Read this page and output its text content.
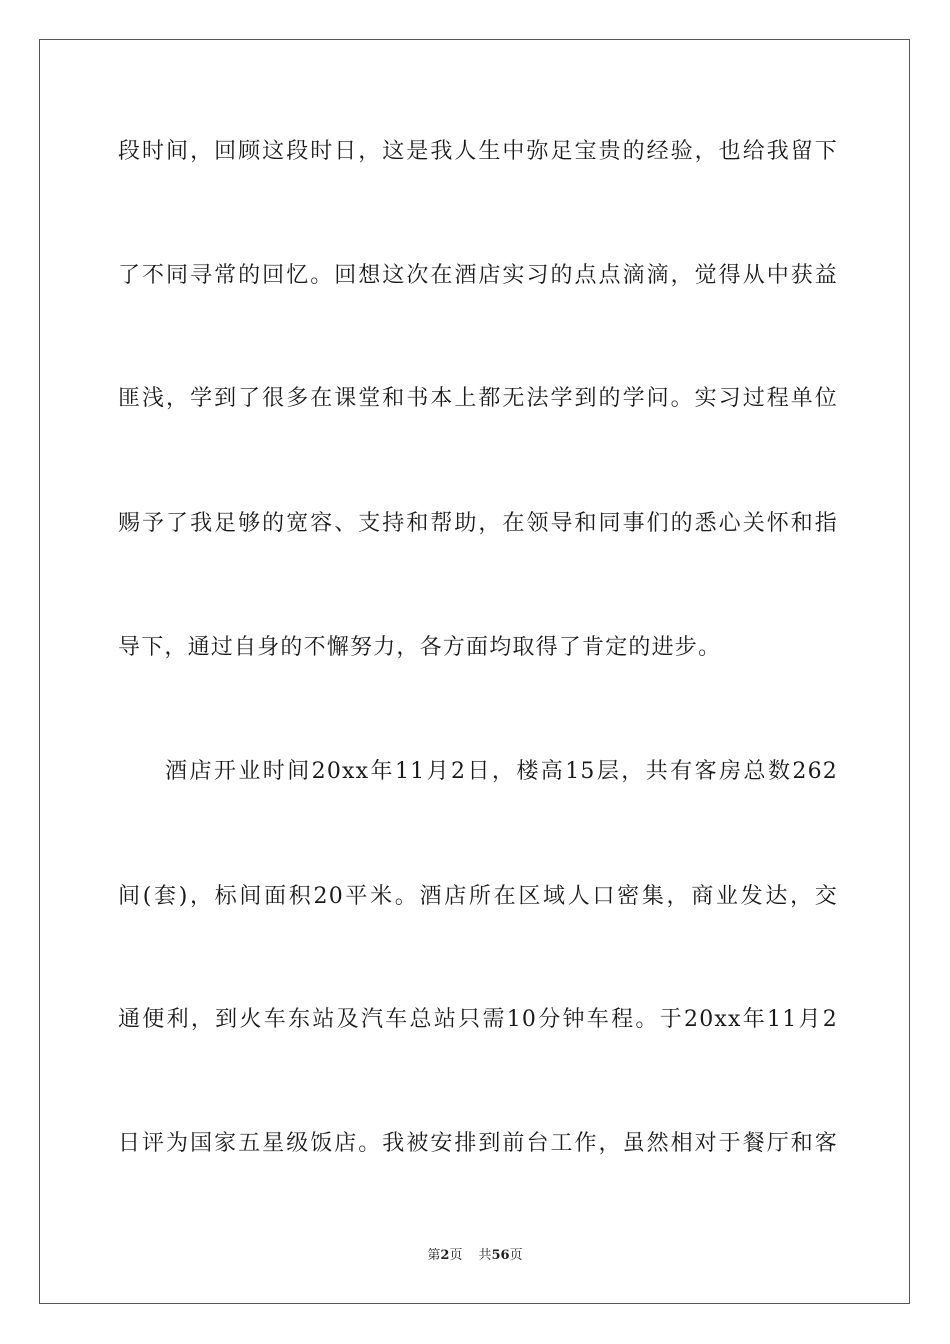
段时间，回顾这段时日，这是我人生中弥足宝贵的经验，也给我留下
了不同寻常的回忆。回想这次在酒店实习的点点滴滴，觉得从中获益
匪浅，学到了很多在课堂和书本上都无法学到的学问。实习过程单位
赐予了我足够的宽容、支持和帮助，在领导和同事们的悉心关怀和指
导下，通过自身的不懈努力，各方面均取得了肯定的进步。
酒店开业时间20xx年11月2日，楼高15层，共有客房总数262
间(套)，标间面积20平米。酒店所在区域人口密集，商业发达，交
通便利，到火车东站及汽车总站只需10分钟车程。于20xx年11月2
日评为国家五星级饭店。我被安排到前台工作，虽然相对于餐厅和客
第2页 共56页
